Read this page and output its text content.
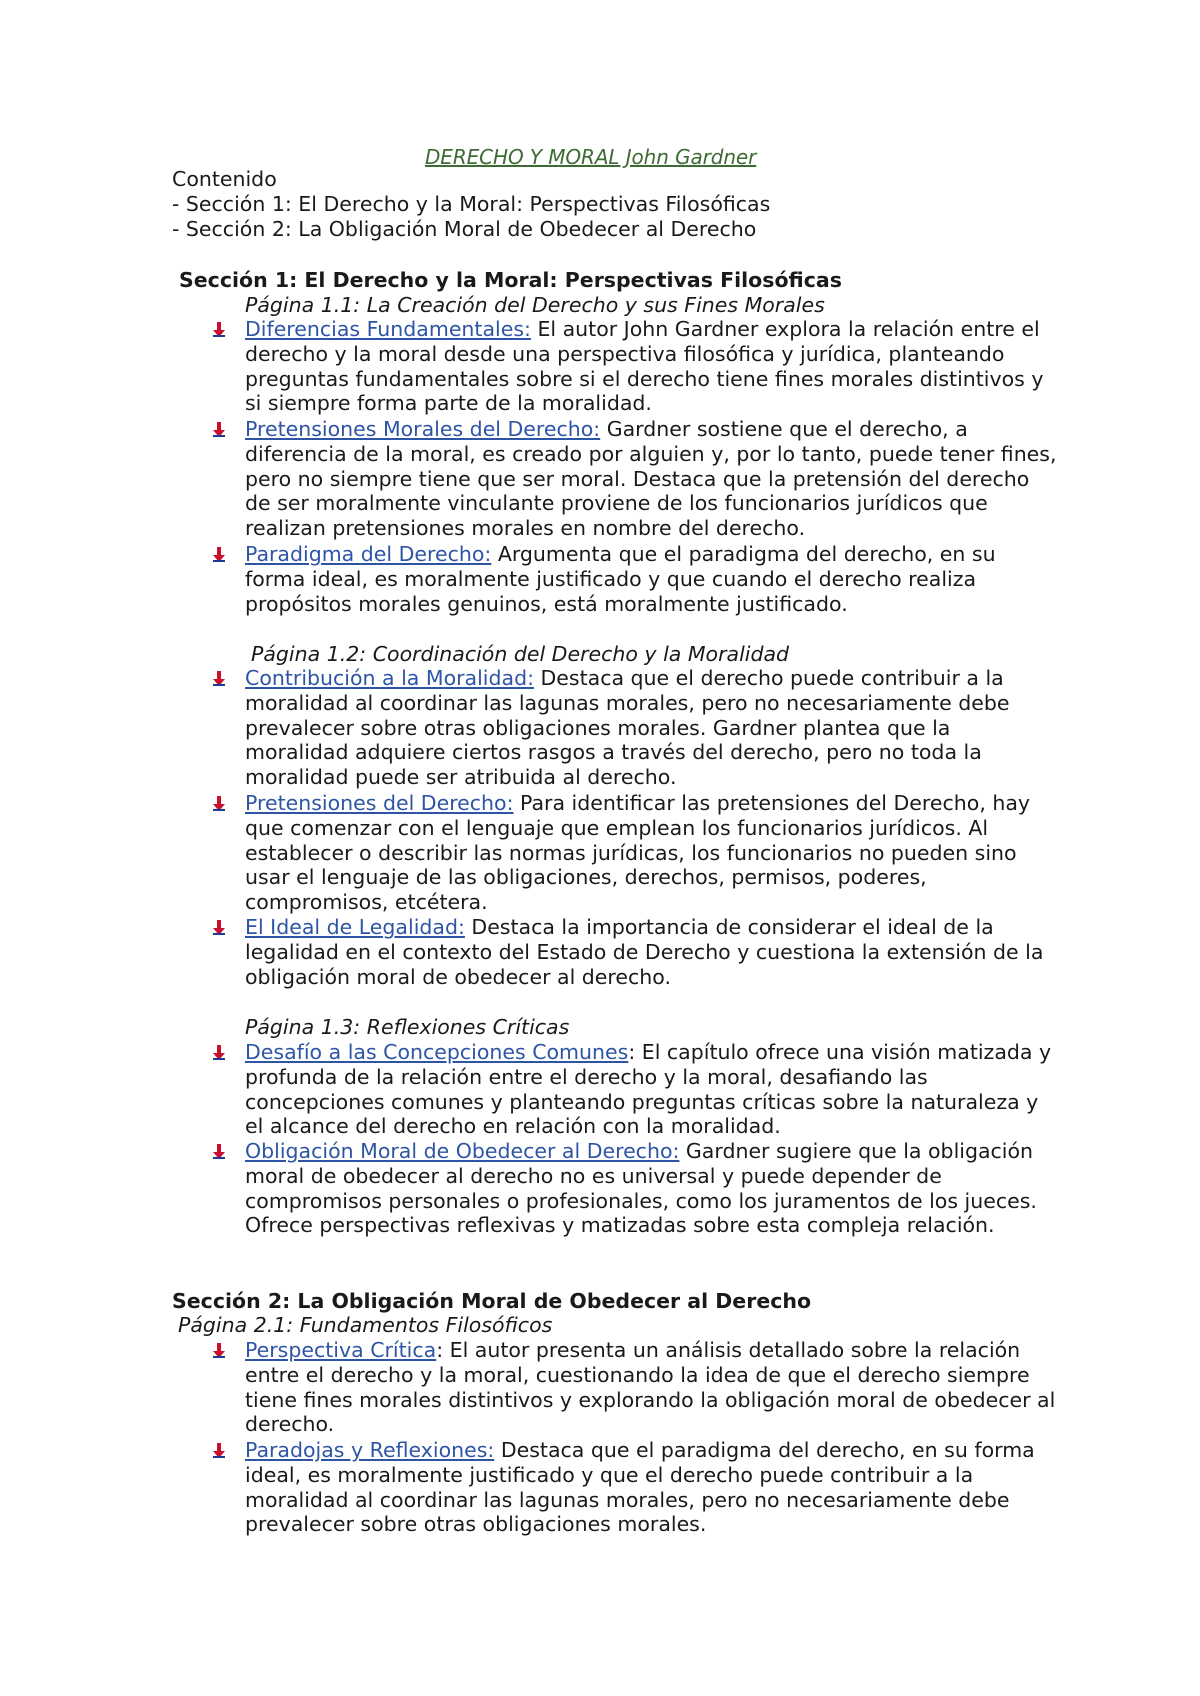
DERECHO Y MORAL John Gardner
Contenido
- Sección 1: El Derecho y la Moral: Perspectivas Filosóficas
- Sección 2: La Obligación Moral de Obedecer al Derecho
Sección 1: El Derecho y la Moral: Perspectivas Filosóficas
Página 1.1: La Creación del Derecho y sus Fines Morales
Diferencias Fundamentales: El autor John Gardner explora la relación entre el derecho y la moral desde una perspectiva filosófica y jurídica, planteando preguntas fundamentales sobre si el derecho tiene fines morales distintivos y si siempre forma parte de la moralidad.
Pretensiones Morales del Derecho: Gardner sostiene que el derecho, a diferencia de la moral, es creado por alguien y, por lo tanto, puede tener fines, pero no siempre tiene que ser moral. Destaca que la pretensión del derecho de ser moralmente vinculante proviene de los funcionarios jurídicos que realizan pretensiones morales en nombre del derecho.
Paradigma del Derecho: Argumenta que el paradigma del derecho, en su forma ideal, es moralmente justificado y que cuando el derecho realiza propósitos morales genuinos, está moralmente justificado.
Página 1.2: Coordinación del Derecho y la Moralidad
Contribución a la Moralidad: Destaca que el derecho puede contribuir a la moralidad al coordinar las lagunas morales, pero no necesariamente debe prevalecer sobre otras obligaciones morales. Gardner plantea que la moralidad adquiere ciertos rasgos a través del derecho, pero no toda la moralidad puede ser atribuida al derecho.
Pretensiones del Derecho: Para identificar las pretensiones del Derecho, hay que comenzar con el lenguaje que emplean los funcionarios jurídicos. Al establecer o describir las normas jurídicas, los funcionarios no pueden sino usar el lenguaje de las obligaciones, derechos, permisos, poderes, compromisos, etcétera.
El Ideal de Legalidad: Destaca la importancia de considerar el ideal de la legalidad en el contexto del Estado de Derecho y cuestiona la extensión de la obligación moral de obedecer al derecho.
Página 1.3: Reflexiones Críticas
Desafío a las Concepciones Comunes: El capítulo ofrece una visión matizada y profunda de la relación entre el derecho y la moral, desafiando las concepciones comunes y planteando preguntas críticas sobre la naturaleza y el alcance del derecho en relación con la moralidad.
Obligación Moral de Obedecer al Derecho: Gardner sugiere que la obligación moral de obedecer al derecho no es universal y puede depender de compromisos personales o profesionales, como los juramentos de los jueces. Ofrece perspectivas reflexivas y matizadas sobre esta compleja relación.
Sección 2: La Obligación Moral de Obedecer al Derecho
Página 2.1: Fundamentos Filosóficos
Perspectiva Crítica: El autor presenta un análisis detallado sobre la relación entre el derecho y la moral, cuestionando la idea de que el derecho siempre tiene fines morales distintivos y explorando la obligación moral de obedecer al derecho.
Paradojas y Reflexiones: Destaca que el paradigma del derecho, en su forma ideal, es moralmente justificado y que el derecho puede contribuir a la moralidad al coordinar las lagunas morales, pero no necesariamente debe prevalecer sobre otras obligaciones morales.
